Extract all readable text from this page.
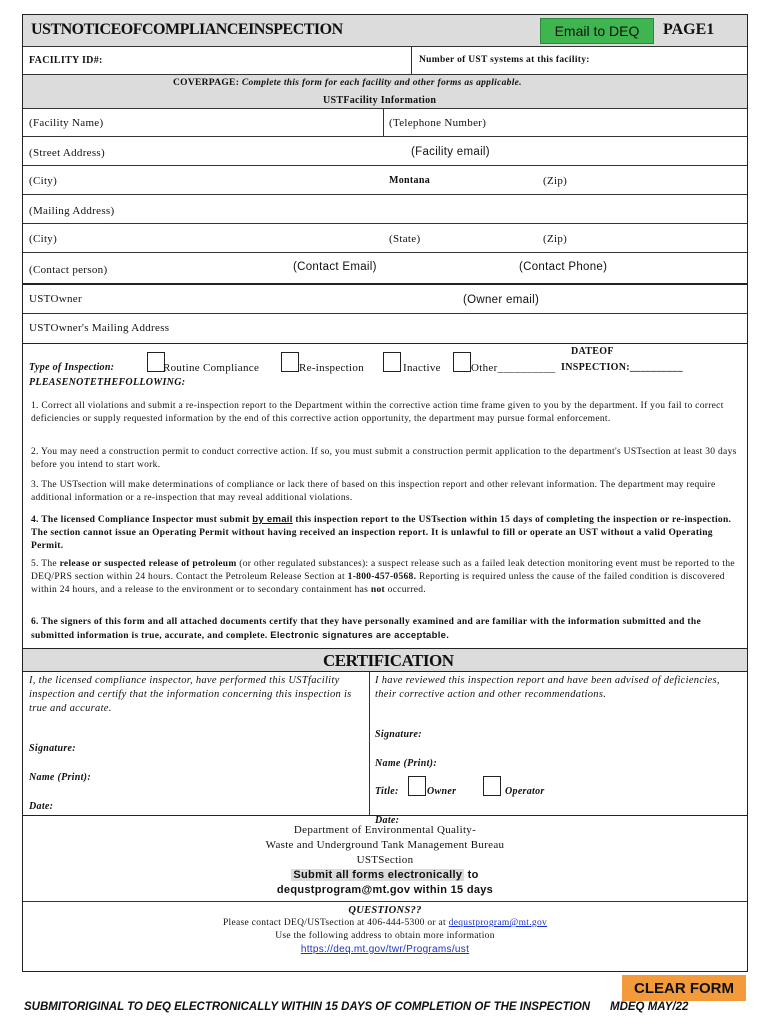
USTNOTICEOFCOMPLIANCEINSPECTION	Email to DEQ	PAGE1
FACILITY ID#:	Number of UST systems at this facility:
COVERPAGE: Complete this form for each facility and other forms as applicable.
USTFacility Information
(Facility Name)	(Telephone Number)
(Street Address)	(Facility email)
(City)	Montana	(Zip)
(Mailing Address)
(City)	(State)	(Zip)
(Contact person)	(Contact Email)	(Contact Phone)
USTOwner	(Owner email)
USTOwner's Mailing Address
Type of Inspection:	Routine Compliance	Re-inspection	Inactive	Other__________
DATEOF
INSPECTION:__________
PLEASENOTETHEFOLLOWING:
1. Correct all violations and submit a re-inspection report to the Department within the corrective action time frame given to you by the department. If you fail to correct deficiencies or supply requested information by the end of this corrective action opportunity, the department may pursue formal enforcement.
2. You may need a construction permit to conduct corrective action. If so, you must submit a construction permit application to the department's USTsection at least 30 days before you intend to start work.
3. The USTsection will make determinations of compliance or lack there of based on this inspection report and other relevant information. The department may require additional information or a re-inspection that may reveal additional violations.
4. The licensed Compliance Inspector must submit by email this inspection report to the USTsection within 15 days of completing the inspection or re-inspection. The section cannot issue an Operating Permit without having received an inspection report. It is unlawful to fill or operate an UST without a valid Operating Permit.
5. The release or suspected release of petroleum (or other regulated substances): a suspect release such as a failed leak detection monitoring event must be reported to the DEQ/PRS section within 24 hours. Contact the Petroleum Release Section at 1-800-457-0568. Reporting is required unless the cause of the failed condition is discovered within 24 hours, and a release to the environment or to secondary containment has not occurred.
6. The signers of this form and all attached documents certify that they have personally examined and are familiar with the information submitted and the submitted information is true, accurate, and complete. Electronic signatures are acceptable.
CERTIFICATION
I, the licensed compliance inspector, have performed this USTfacility inspection and certify that the information concerning this inspection is true and accurate.
Signature:
Name (Print):
Date:
I have reviewed this inspection report and have been advised of deficiencies, their corrective action and other recommendations.
Signature:
Name (Print):
Title:	Owner	Operator
Date:
Department of Environmental Quality-
Waste and Underground Tank Management Bureau
USTSection
Submit all forms electronically to
dequstprogram@mt.gov within 15 days
QUESTIONS??
Please contact DEQ/USTsection at 406-444-5300 or at dequstprogram@mt.gov
Use the following address to obtain more information
https://deq.mt.gov/twr/Programs/ust
CLEAR FORM
SUBMITORIGINAL TO DEQ ELECTRONICALLY WITHIN 15 DAYS OF COMPLETION OF THE INSPECTION MDEQ MAY/22
